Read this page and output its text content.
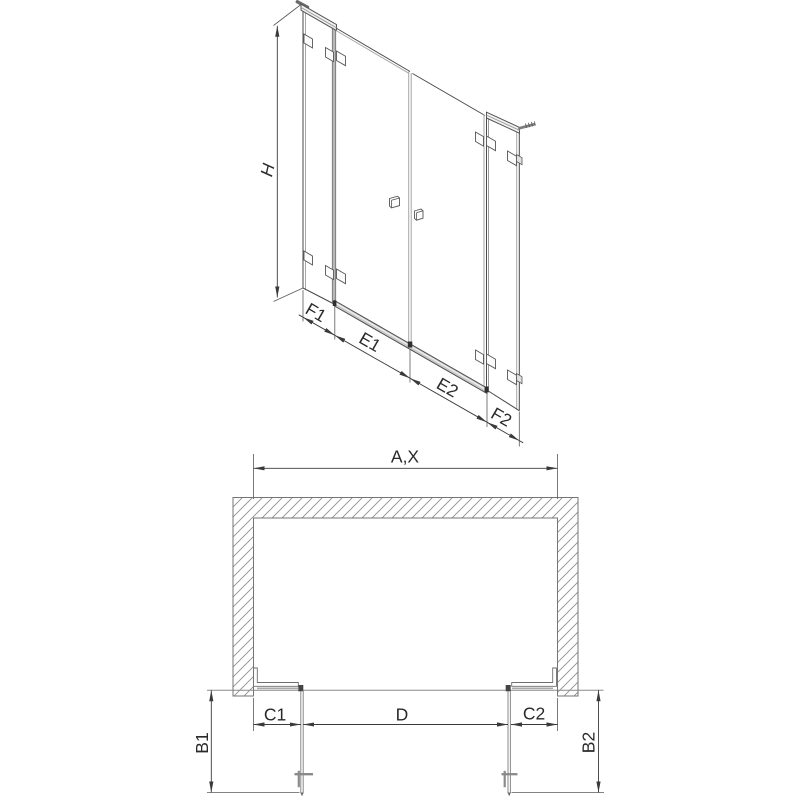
H
F1
E1
E2
F2
A,X
C1	D	C2
B1	B2
